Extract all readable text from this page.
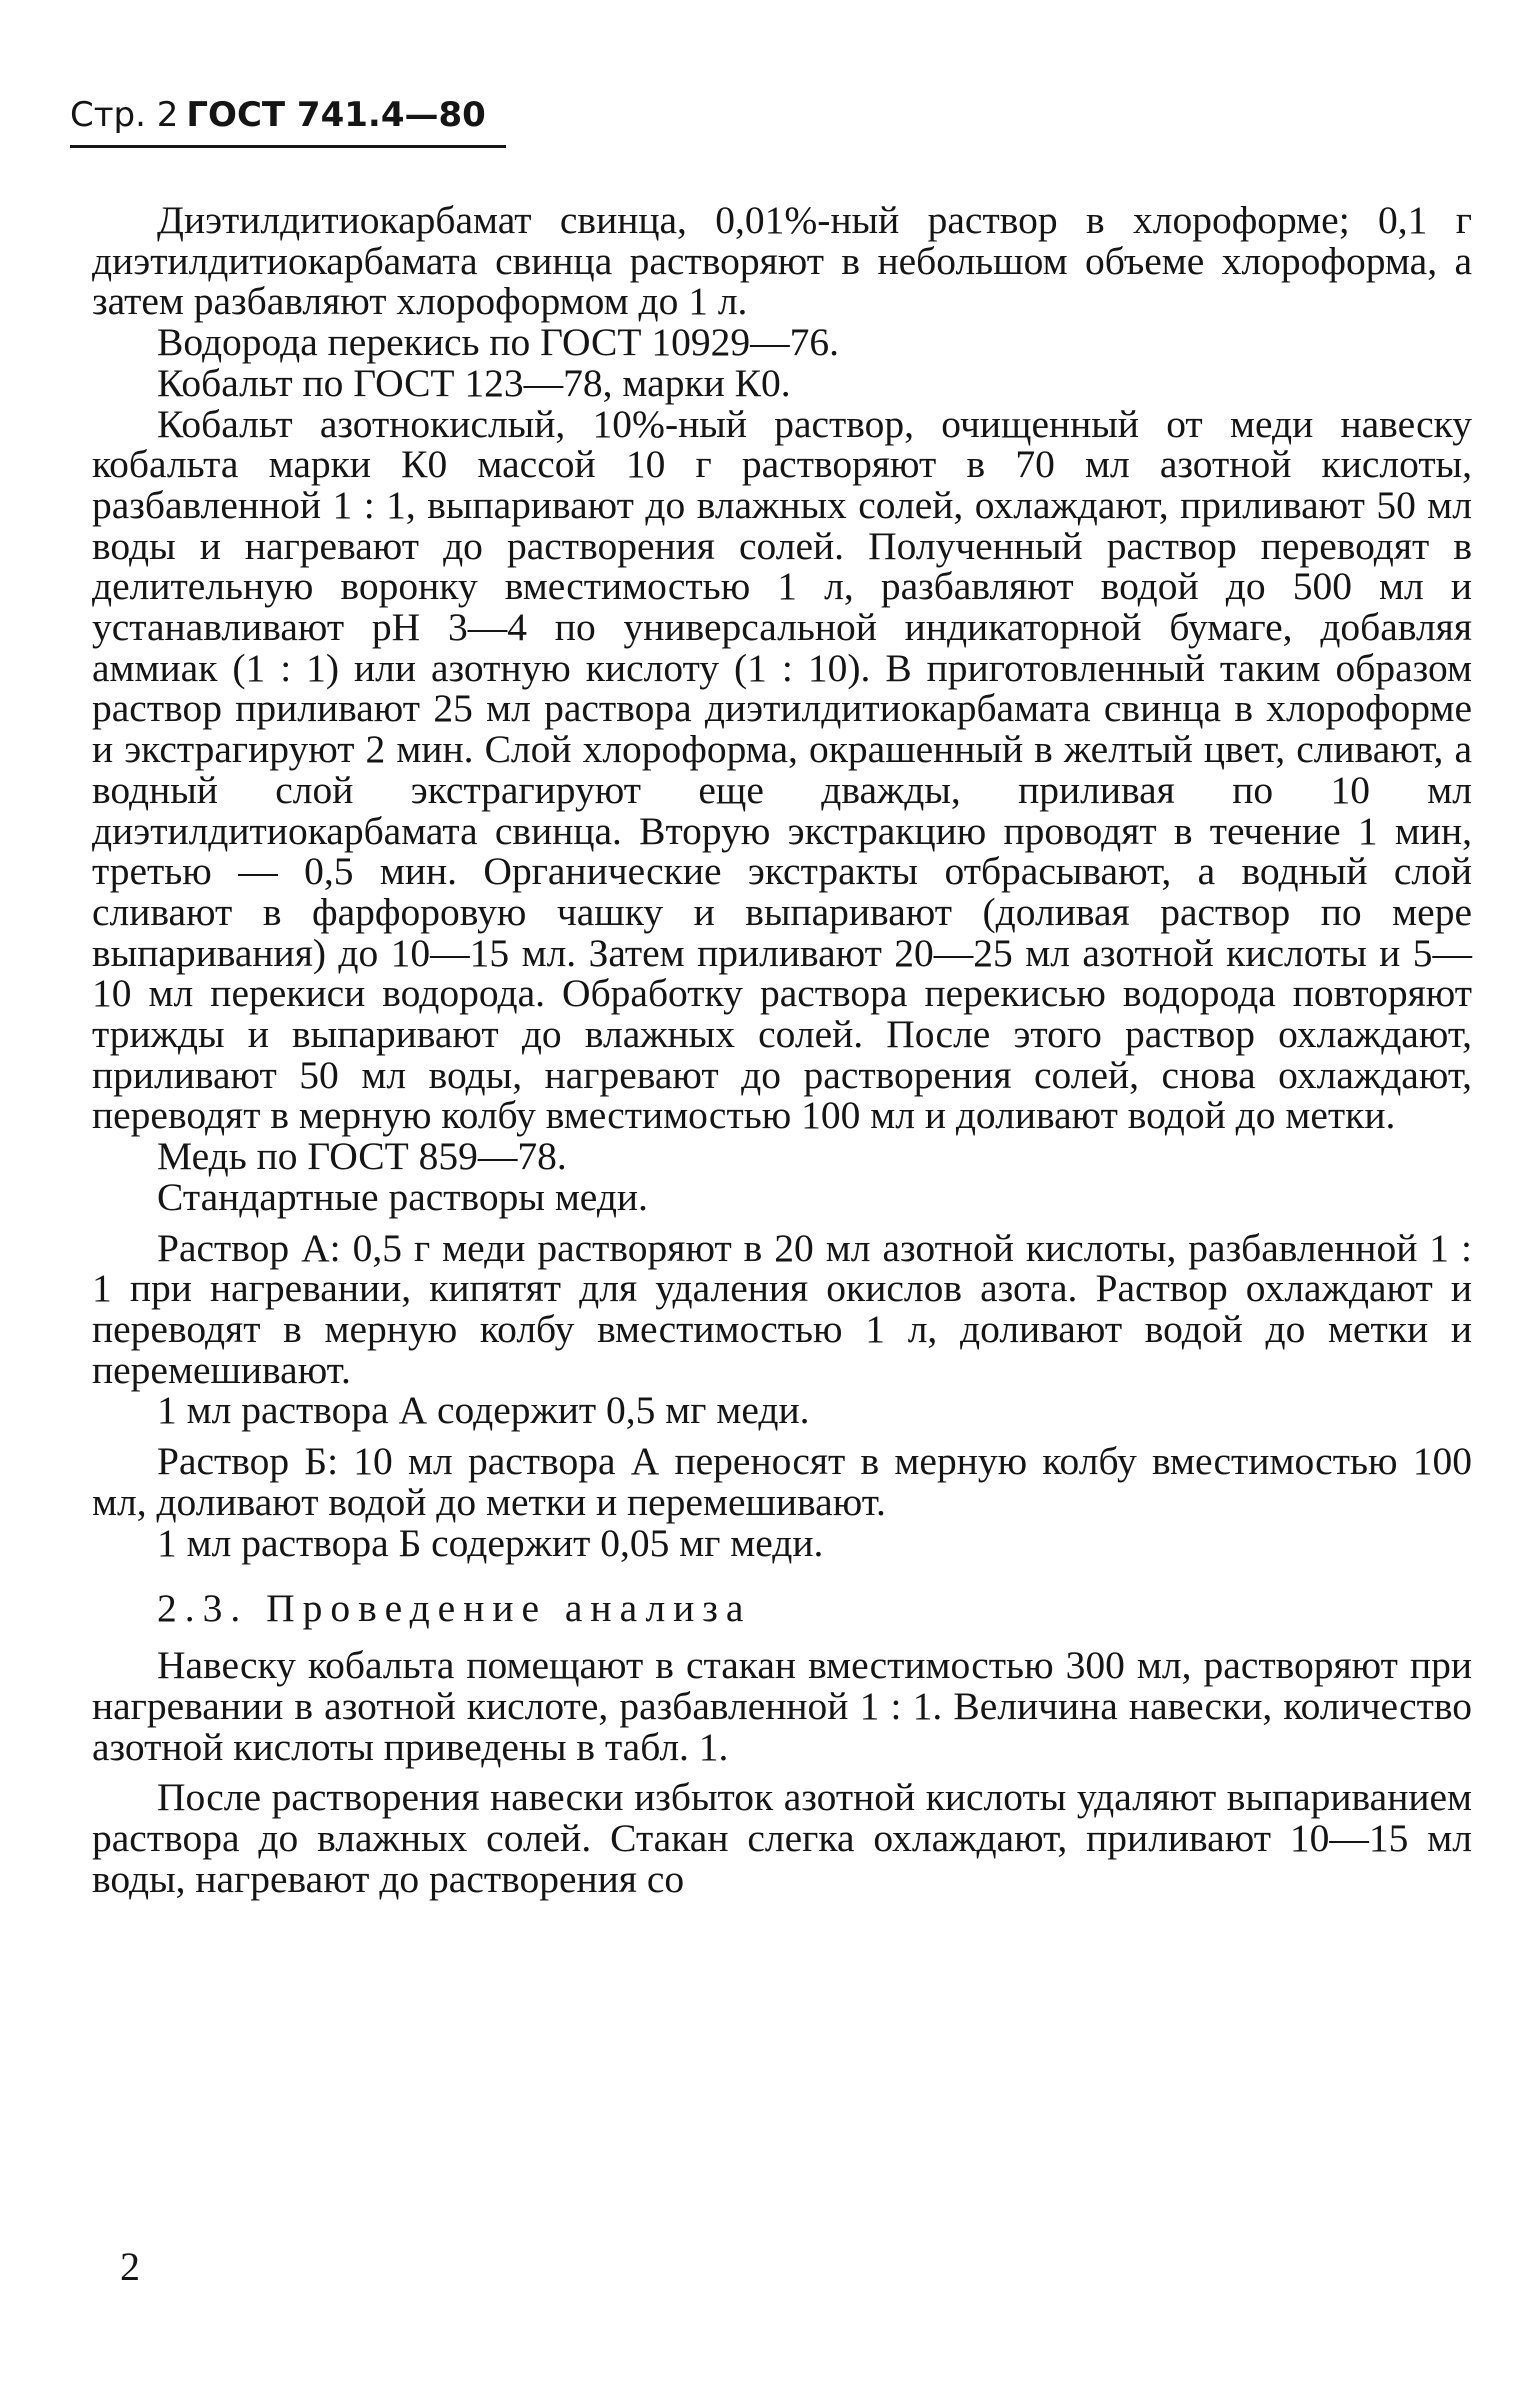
Стр. 2 ГОСТ 741.4—80

Диэтилдитиокарбамат свинца, 0,01%-ный раствор в хлороформе; 0,1 г диэтилдитиокарбамата свинца растворяют в небольшом объеме хлороформа, а затем разбавляют хлороформом до 1 л.

Водорода перекись по ГОСТ 10929—76.

Кобальт по ГОСТ 123—78, марки К0.

Кобальт азотнокислый, 10%-ный раствор, очищенный от меди навеску кобальта марки К0 массой 10 г растворяют в 70 мл азотной кислоты, разбавленной 1 : 1, выпаривают до влажных солей, охлаждают, приливают 50 мл воды и нагревают до растворения солей. Полученный раствор переводят в делительную воронку вместимостью 1 л, разбавляют водой до 500 мл и устанавливают рН 3—4 по универсальной индикаторной бумаге, добавляя аммиак (1 : 1) или азотную кислоту (1 : 10). В приготовленный таким образом раствор приливают 25 мл раствора диэтилдитиокарбамата свинца в хлороформе и экстрагируют 2 мин. Слой хлороформа, окрашенный в желтый цвет, сливают, а водный слой экстрагируют еще дважды, приливая по 10 мл диэтилдитиокарбамата свинца. Вторую экстракцию проводят в течение 1 мин, третью — 0,5 мин. Органические экстракты отбрасывают, а водный слой сливают в фарфоровую чашку и выпаривают (доливая раствор по мере выпаривания) до 10—15 мл. Затем приливают 20—25 мл азотной кислоты и 5—10 мл перекиси водорода. Обработку раствора перекисью водорода повторяют трижды и выпаривают до влажных солей. После этого раствор охлаждают, приливают 50 мл воды, нагревают до растворения солей, снова охлаждают, переводят в мерную колбу вместимостью 100 мл и доливают водой до метки.

Медь по ГОСТ 859—78.

Стандартные растворы меди.

Раствор А: 0,5 г меди растворяют в 20 мл азотной кислоты, разбавленной 1 : 1 при нагревании, кипятят для удаления окислов азота. Раствор охлаждают и переводят в мерную колбу вместимостью 1 л, доливают водой до метки и перемешивают.

1 мл раствора А содержит 0,5 мг меди.

Раствор Б: 10 мл раствора А переносят в мерную колбу вместимостью 100 мл, доливают водой до метки и перемешивают.

1 мл раствора Б содержит 0,05 мг меди.

2.3. Проведение анализа

Навеску кобальта помещают в стакан вместимостью 300 мл, растворяют при нагревании в азотной кислоте, разбавленной 1 : 1. Величина навески, количество азотной кислоты приведены в табл. 1.

После растворения навески избыток азотной кислоты удаляют выпариванием раствора до влажных солей. Стакан слегка охлаждают, приливают 10—15 мл воды, нагревают до растворения со

2
